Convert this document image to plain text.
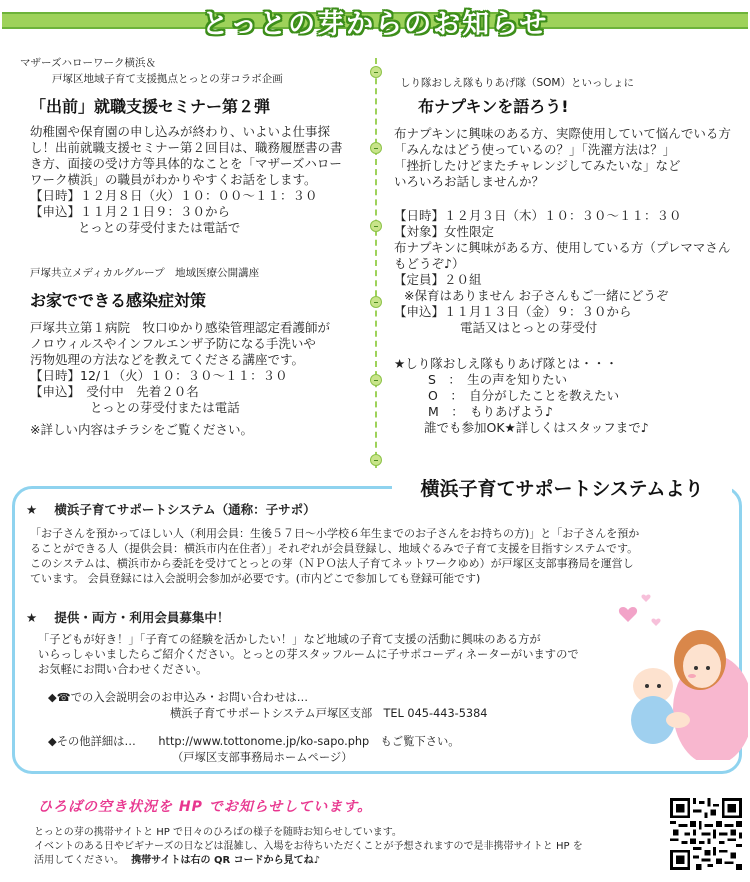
とっとの芽からのお知らせ
マザーズハローワーク横浜＆
戸塚区地域子育て支援拠点とっとの芽コラボ企画
「出前」就職支援セミナー第２弾
幼稚園や保育園の申し込みが終わり、いよいよ仕事探
し！出前就職支援セミナー第２回目は、職務履歴書の書
き方、面接の受け方等具体的なことを「マザーズハロー
ワーク横浜」の職員がわかりやすくお話をします。
【日時】１２月８日（火）１０：００～１１：３０
【申込】１１月２１日９：３０から
とっとの芽受付または電話で
戸塚共立メディカルグループ　地域医療公開講座
お家でできる感染症対策
戸塚共立第１病院　牧口ゆかり感染管理認定看護師が
ノロウィルスやインフルエンザ予防になる手洗いや
汚物処理の方法などを教えてくださる講座です。
【日時】12/１（火）１０：３０～１１：３０
【申込】　受付中　先着２０名
とっとの芽受付または電話
※詳しい内容はチラシをご覧ください。
しり隊おしえ隊もりあげ隊（SOM）といっしょに
布ナプキンを語ろう!
布ナプキンに興味のある方、実際使用していて悩んでいる方
「みんなはどう使っているの？」「洗濯方法は？」
「挫折したけどまたチャレンジしてみたいな」など
いろいろお話しませんか？
【日時】１２月３日（木）１０：３０～１１：３０
【対象】女性限定
布ナプキンに興味がある方、使用している方（プレママさん
もどうぞ♪）
【定員】２０組
※保育はありません お子さんもご一緒にどうぞ
【申込】１１月１３日（金）９：３０から
電話又はとっとの芽受付
★しり隊おしえ隊もりあげ隊とは・・・
S　：　生の声を知りたい
O　：　自分がしたことを教えたい
M　：　もりあげよう♪
誰でも参加OK★詳しくはスタッフまで♪
横浜子育てサポートシステムより
★ 横浜子育てサポートシステム（通称：子サポ）
「お子さんを預かってほしい人（利用会員：生後５７日～小学校６年生までのお子さんをお持ちの方)」と「お子さんを預か
ることができる人（提供会員：横浜市内在住者）」それぞれが会員登録し、地域ぐるみで子育て支援を目指すシステムです。
このシステムは、横浜市から委託を受けてとっとの芽（ＮＰＯ法人子育てネットワークゆめ）が戸塚区支部事務局を運営し
ています。 会員登録には入会説明会参加が必要です。(市内どこで参加しても登録可能です)
★ 提供・両方・利用会員募集中！
「子どもが好き！」「子育ての経験を活かしたい！」など地域の子育て支援の活動に興味のある方が
いらっしゃいましたらご紹介ください。とっとの芽スタッフルームに子サポコーディネーターがいますので
お気軽にお問い合わせください。
◆☎での入会説明会のお申込み・お問い合わせは…
横浜子育てサポートシステム戸塚区支部　TEL 045-443-5384
◆その他詳細は…　　http://www.tottonome.jp/ko-sapo.php　もご覧下さい。
（戸塚区支部事務局ホームページ）
ひろばの空き状況を HP でお知らせしています。
とっとの芽の携帯サイトと HP で日々のひろばの様子を随時お知らせしています。
イベントのある日やビギナーズの日などは混雑し、入場をお待ちいただくことが予想されますので是非携帯サイトと HP を
活用してください。 携帯サイトは右の QR コードから見てね♪
